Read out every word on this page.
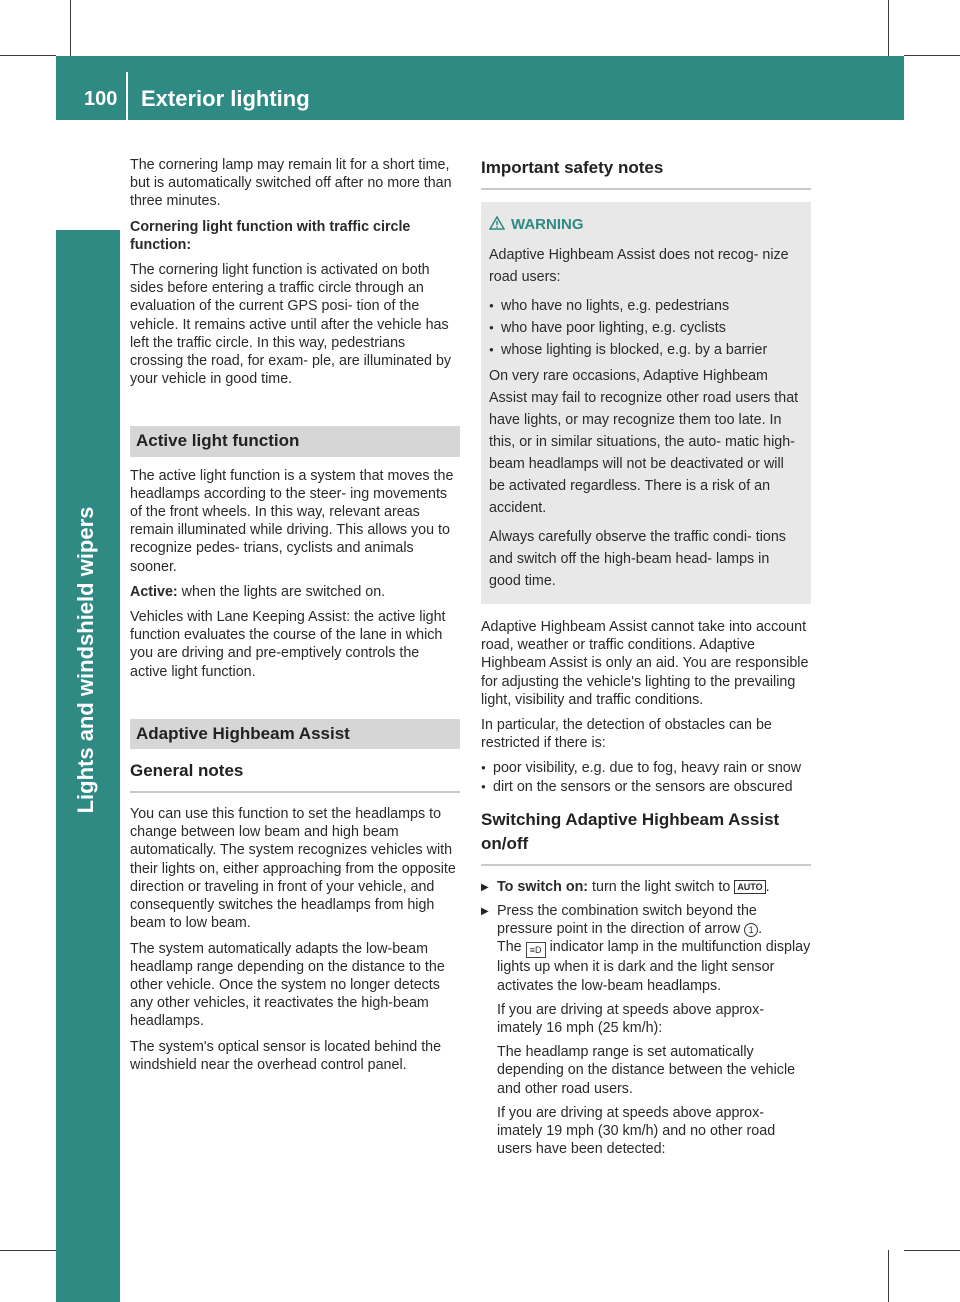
100 Exterior lighting
Lights and windshield wipers

The cornering lamp may remain lit for a short time, but is automatically switched off after no more than three minutes.

Cornering light function with traffic circle function:

The cornering light function is activated on both sides before entering a traffic circle through an evaluation of the current GPS posi- tion of the vehicle. It remains active until after the vehicle has left the traffic circle. In this way, pedestrians crossing the road, for exam- ple, are illuminated by your vehicle in good time.

Active light function

The active light function is a system that moves the headlamps according to the steer- ing movements of the front wheels. In this way, relevant areas remain illuminated while driving. This allows you to recognize pedes- trians, cyclists and animals sooner.

Active: when the lights are switched on.

Vehicles with Lane Keeping Assist: the active light function evaluates the course of the lane in which you are driving and pre-emptively controls the active light function.

Adaptive Highbeam Assist
General notes

You can use this function to set the headlamps to change between low beam and high beam automatically. The system recognizes vehicles with their lights on, either approaching from the opposite direction or traveling in front of your vehicle, and consequently switches the headlamps from high beam to low beam.

The system automatically adapts the low-beam headlamp range depending on the distance to the other vehicle. Once the system no longer detects any other vehicles, it reactivates the high-beam headlamps.

The system's optical sensor is located behind the windshield near the overhead control panel.

Important safety notes
WARNING

Adaptive Highbeam Assist does not recog- nize road users:

● who have no lights, e.g. pedestrians

● who have poor lighting, e.g. cyclists

● whose lighting is blocked, e.g. by a barrier

On very rare occasions, Adaptive Highbeam Assist may fail to recognize other road users that have lights, or may recognize them too late. In this, or in similar situations, the auto- matic high-beam headlamps will not be deactivated or will be activated regardless. There is a risk of an accident.

Always carefully observe the traffic condi- tions and switch off the high-beam head- lamps in good time.

Adaptive Highbeam Assist cannot take into account road, weather or traffic conditions. Adaptive Highbeam Assist is only an aid. You are responsible for adjusting the vehicle's lighting to the prevailing light, visibility and traffic conditions.

In particular, the detection of obstacles can be restricted if there is:

● poor visibility, e.g. due to fog, heavy rain or snow

● dirt on the sensors or the sensors are obscured

Switching Adaptive Highbeam Assist on/off

▶ To switch on: turn the light switch to AUTO .

▶ Press the combination switch beyond the pressure point in the direction of arrow 1 .
The ≡D indicator lamp in the multifunction display lights up when it is dark and the light sensor activates the low-beam headlamps.

If you are driving at speeds above approx- imately 16 mph (25 km/h):

The headlamp range is set automatically depending on the distance between the vehicle and other road users.

If you are driving at speeds above approx- imately 19 mph (30 km/h) and no other road users have been detected:
